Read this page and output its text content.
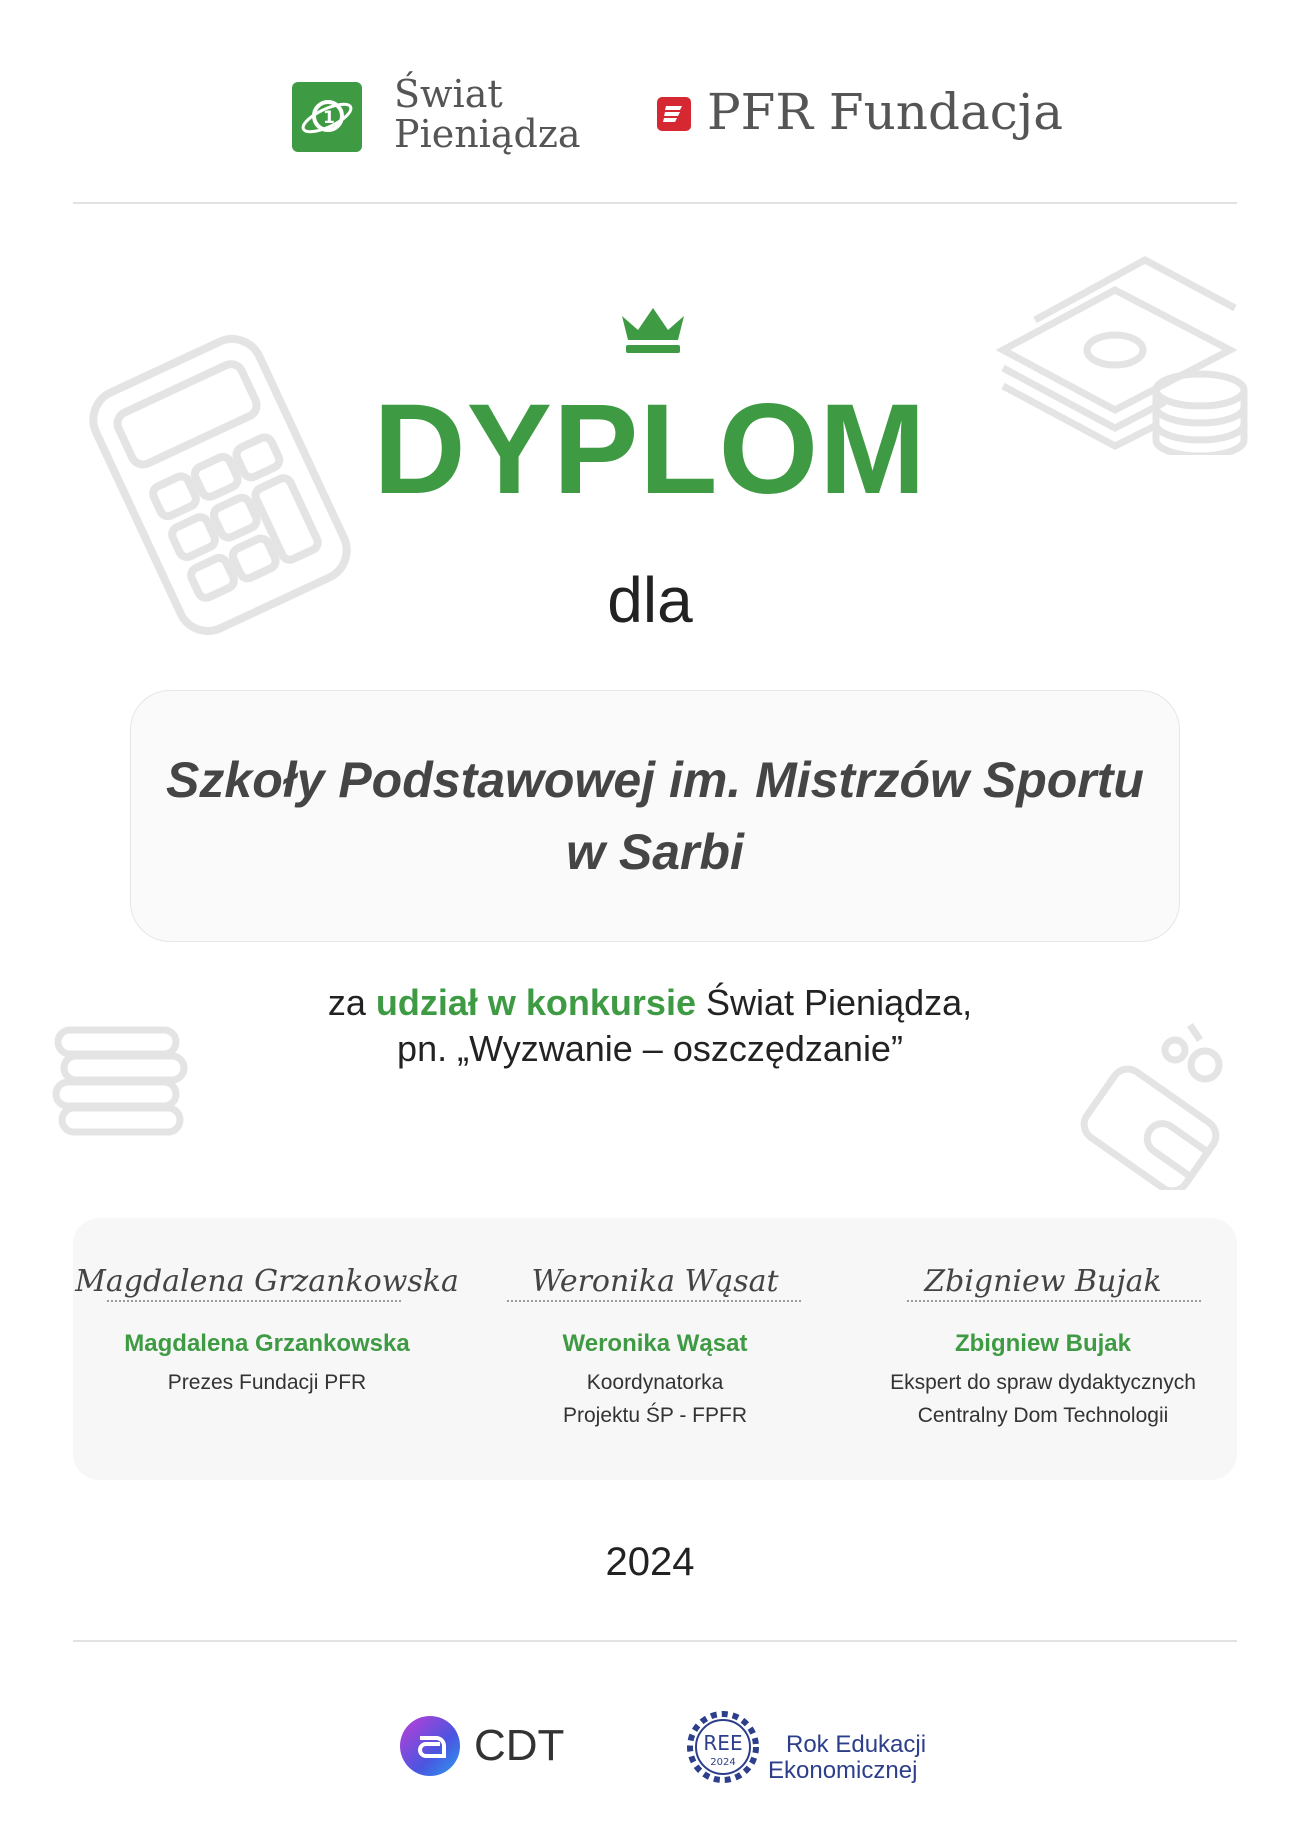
1
Świat
Pieniądza	PFR Fundacja
DYPLOM
dla
Szkoły Podstawowej im. Mistrzów Sportu
w Sarbi
za udział w konkursie Świat Pieniądza,
pn. „Wyzwanie – oszczędzanie”
Magdalena Grzankowska
Magdalena Grzankowska
Prezes Fundacji PFR
Weronika Wąsat
Weronika Wąsat
Koordynatorka
Projektu ŚP - FPFR
Zbigniew Bujak
Zbigniew Bujak
Ekspert do spraw dydaktycznych
Centralny Dom Technologii
2024
CDT	REE
2024
Rok Edukacji
Ekonomicznej
